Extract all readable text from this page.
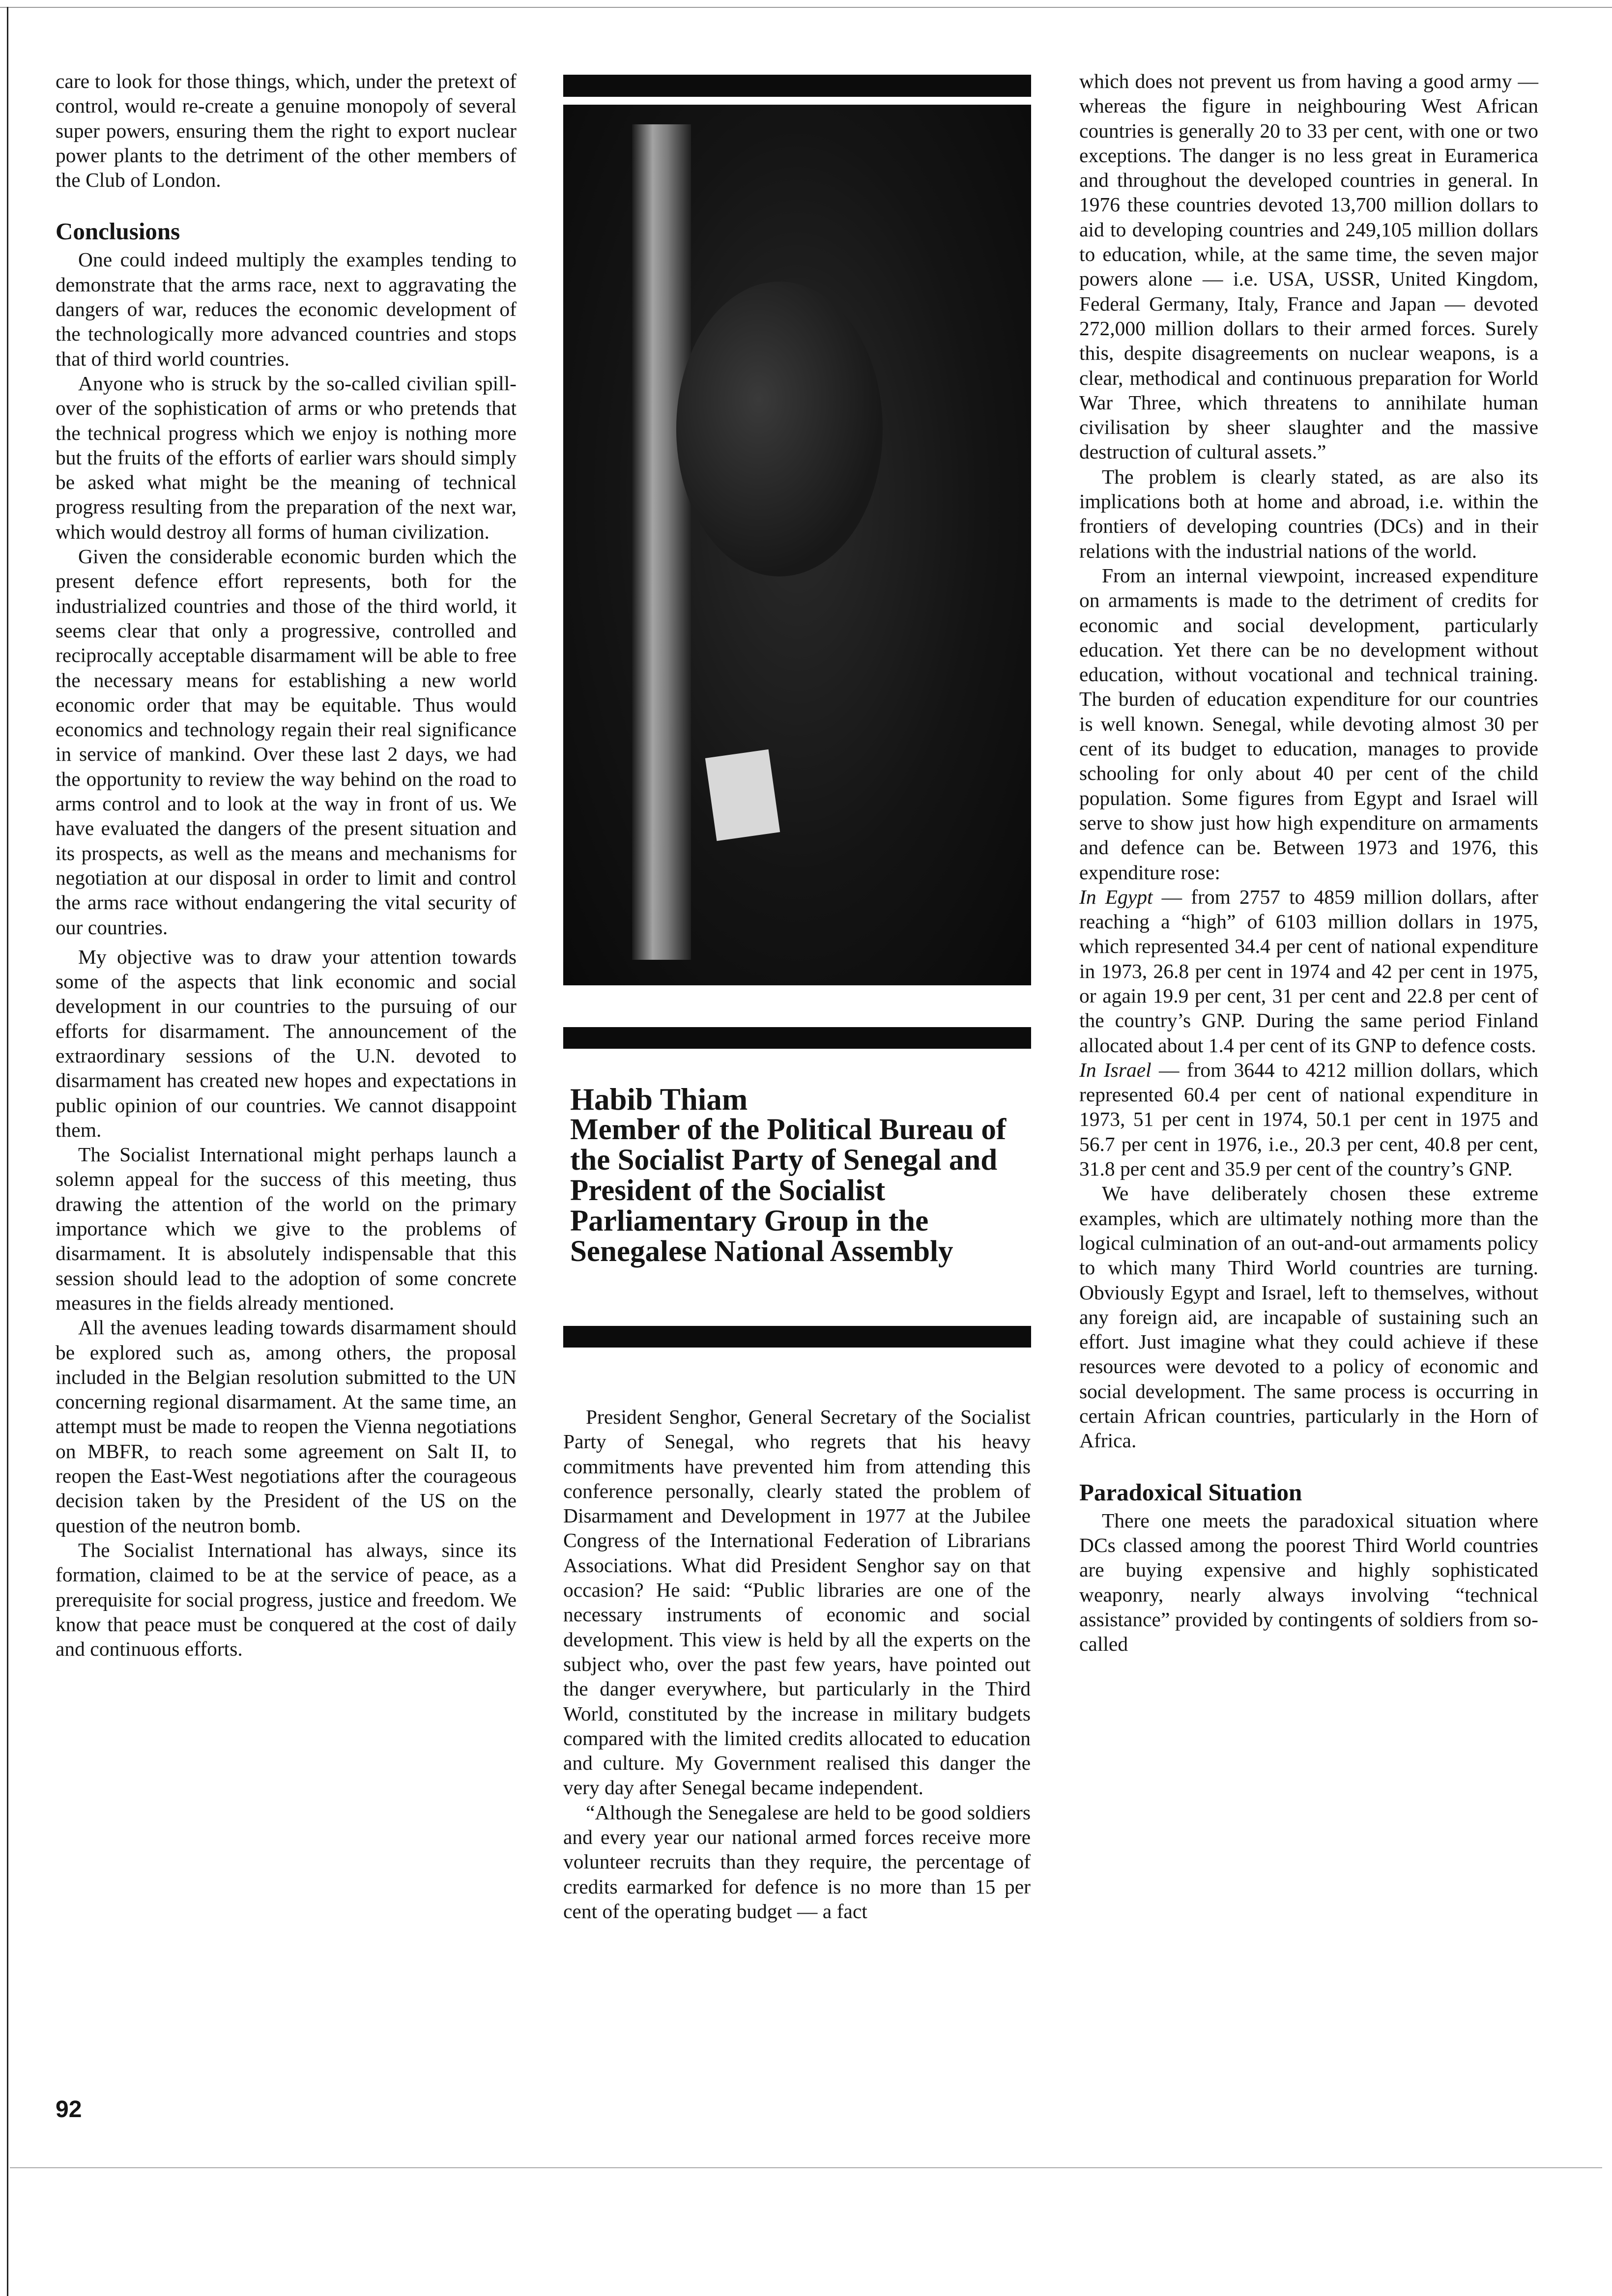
care to look for those things, which, under the pretext of control, would re-create a genuine monopoly of several super powers, ensuring them the right to export nuclear power plants to the detriment of the other members of the Club of London.

Conclusions

One could indeed multiply the examples tending to demonstrate that the arms race, next to aggravating the dangers of war, reduces the economic development of the technologically more advanced countries and stops that of third world countries.

Anyone who is struck by the so-called civilian spill-over of the sophistication of arms or who pretends that the technical progress which we enjoy is nothing more but the fruits of the efforts of earlier wars should simply be asked what might be the meaning of technical progress resulting from the preparation of the next war, which would destroy all forms of human civilization.

Given the considerable economic burden which the present defence effort represents, both for the industrialized countries and those of the third world, it seems clear that only a progressive, controlled and reciprocally acceptable disarmament will be able to free the necessary means for establishing a new world economic order that may be equitable. Thus would economics and technology regain their real significance in service of mankind. Over these last 2 days, we had the opportunity to review the way behind on the road to arms control and to look at the way in front of us. We have evaluated the dangers of the present situation and its prospects, as well as the means and mechanisms for negotiation at our disposal in order to limit and control the arms race without endangering the vital security of our countries.

My objective was to draw your attention towards some of the aspects that link economic and social development in our countries to the pursuing of our efforts for disarmament. The announcement of the extraordinary sessions of the U.N. devoted to disarmament has created new hopes and expectations in public opinion of our countries. We cannot disappoint them.

The Socialist International might perhaps launch a solemn appeal for the success of this meeting, thus drawing the attention of the world on the primary importance which we give to the problems of disarmament. It is absolutely indispensable that this session should lead to the adoption of some concrete measures in the fields already mentioned.

All the avenues leading towards disarmament should be explored such as, among others, the proposal included in the Belgian resolution submitted to the UN concerning regional disarmament. At the same time, an attempt must be made to reopen the Vienna negotiations on MBFR, to reach some agreement on Salt II, to reopen the East-West negotiations after the courageous decision taken by the President of the US on the question of the neutron bomb.

The Socialist International has always, since its formation, claimed to be at the service of peace, as a prerequisite for social progress, justice and freedom. We know that peace must be conquered at the cost of daily and continuous efforts.

Habib Thiam
Member of the Political Bureau of the Socialist Party of Senegal and President of the Socialist Parliamentary Group in the Senegalese National Assembly

President Senghor, General Secretary of the Socialist Party of Senegal, who regrets that his heavy commitments have prevented him from attending this conference personally, clearly stated the problem of Disarmament and Development in 1977 at the Jubilee Congress of the International Federation of Librarians Associations. What did President Senghor say on that occasion? He said: “Public libraries are one of the necessary instruments of economic and social development. This view is held by all the experts on the subject who, over the past few years, have pointed out the danger everywhere, but particularly in the Third World, constituted by the increase in military budgets compared with the limited credits allocated to education and culture. My Government realised this danger the very day after Senegal became independent.

“Although the Senegalese are held to be good soldiers and every year our national armed forces receive more volunteer recruits than they require, the percentage of credits earmarked for defence is no more than 15 per cent of the operating budget — a fact

which does not prevent us from having a good army — whereas the figure in neighbouring West African countries is generally 20 to 33 per cent, with one or two exceptions. The danger is no less great in Euramerica and throughout the developed countries in general. In 1976 these countries devoted 13,700 million dollars to aid to developing countries and 249,105 million dollars to education, while, at the same time, the seven major powers alone — i.e. USA, USSR, United Kingdom, Federal Germany, Italy, France and Japan — devoted 272,000 million dollars to their armed forces. Surely this, despite disagreements on nuclear weapons, is a clear, methodical and continuous preparation for World War Three, which threatens to annihilate human civilisation by sheer slaughter and the massive destruction of cultural assets.”

The problem is clearly stated, as are also its implications both at home and abroad, i.e. within the frontiers of developing countries (DCs) and in their relations with the industrial nations of the world.

From an internal viewpoint, increased expenditure on armaments is made to the detriment of credits for economic and social development, particularly education. Yet there can be no development without education, without vocational and technical training. The burden of education expenditure for our countries is well known. Senegal, while devoting almost 30 per cent of its budget to education, manages to provide schooling for only about 40 per cent of the child population. Some figures from Egypt and Israel will serve to show just how high expenditure on armaments and defence can be. Between 1973 and 1976, this expenditure rose:

In Egypt — from 2757 to 4859 million dollars, after reaching a “high” of 6103 million dollars in 1975, which represented 34.4 per cent of national expenditure in 1973, 26.8 per cent in 1974 and 42 per cent in 1975, or again 19.9 per cent, 31 per cent and 22.8 per cent of the country’s GNP. During the same period Finland allocated about 1.4 per cent of its GNP to defence costs.

In Israel — from 3644 to 4212 million dollars, which represented 60.4 per cent of national expenditure in 1973, 51 per cent in 1974, 50.1 per cent in 1975 and 56.7 per cent in 1976, i.e., 20.3 per cent, 40.8 per cent, 31.8 per cent and 35.9 per cent of the country’s GNP.

We have deliberately chosen these extreme examples, which are ultimately nothing more than the logical culmination of an out-and-out armaments policy to which many Third World countries are turning. Obviously Egypt and Israel, left to themselves, without any foreign aid, are incapable of sustaining such an effort. Just imagine what they could achieve if these resources were devoted to a policy of economic and social development. The same process is occurring in certain African countries, particularly in the Horn of Africa.

Paradoxical Situation

There one meets the paradoxical situation where DCs classed among the poorest Third World countries are buying expensive and highly sophisticated weaponry, nearly always involving “technical assistance” provided by contingents of soldiers from so-called

92
